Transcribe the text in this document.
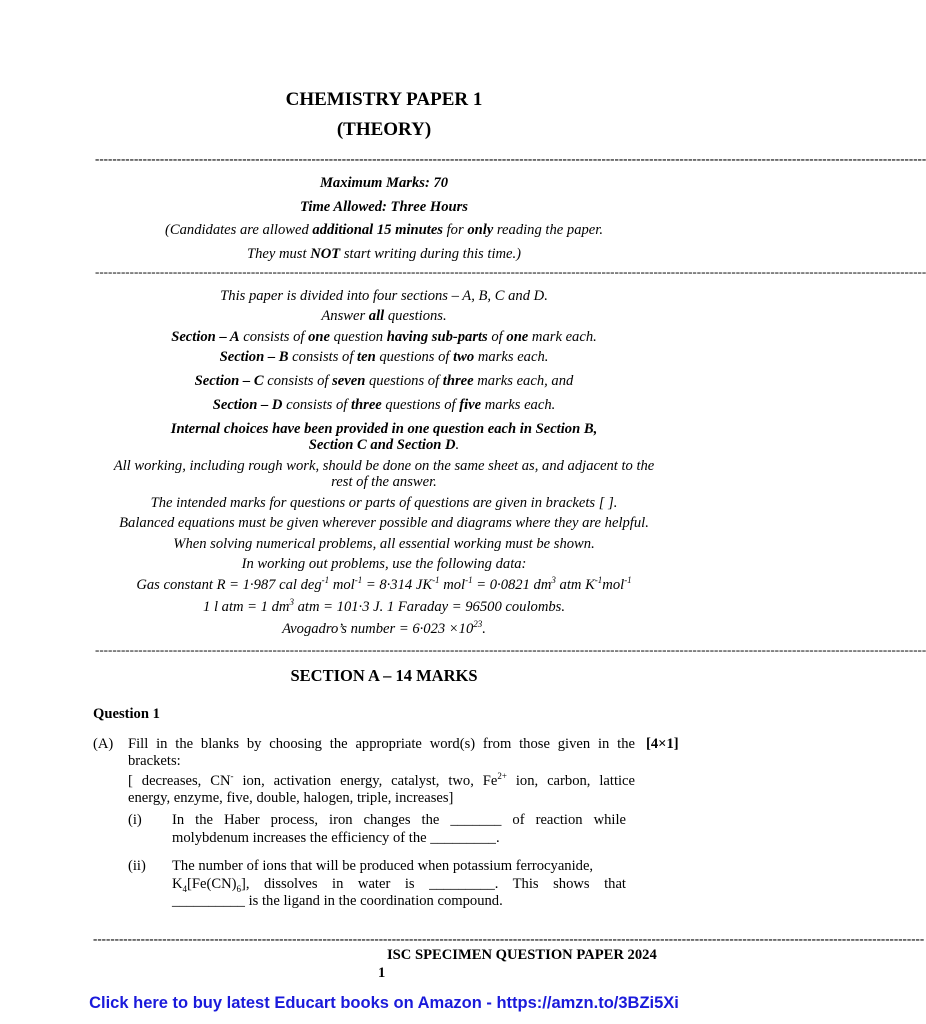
CHEMISTRY PAPER 1
(THEORY)
------------------------------------------------------------------------------------------------------------------------------------------------------------------------------------------------
Maximum Marks: 70
Time Allowed: Three Hours
(Candidates are allowed additional 15 minutes for only reading the paper.
They must NOT start writing during this time.)
------------------------------------------------------------------------------------------------------------------------------------------------------------------------------------------------
This paper is divided into four sections – A, B, C and D.
Answer all questions.
Section – A consists of one question having sub-parts of one mark each.
Section – B consists of ten questions of two marks each.
Section – C consists of seven questions of three marks each, and
Section – D consists of three questions of five marks each.
Internal choices have been provided in one question each in Section B,
Section C and Section D.
All working, including rough work, should be done on the same sheet as, and adjacent to the
rest of the answer.
The intended marks for questions or parts of questions are given in brackets [ ].
Balanced equations must be given wherever possible and diagrams where they are helpful.
When solving numerical problems, all essential working must be shown.
In working out problems, use the following data:
Gas constant R = 1·987 cal deg$^{-1}$ mol$^{-1}$ = 8·314 $JK^{-1}$ mol$^{-1}$ = 0·0821 $dm^3$ atm $K^{-1}mol^{-1}$
1 l atm = 1 $dm^3$ atm = 101·3 J. 1 Faraday = 96500 coulombs.
Avogadro’s number = $6\cdot 023 \times 10^{23}$.
------------------------------------------------------------------------------------------------------------------------------------------------------------------------------------------------
SECTION A – 14 MARKS
Question 1
(A) Fill in the blanks by choosing the appropriate word(s) from those given in the [4×1]
brackets:
[ decreases, CN- ion, activation energy, catalyst, two, $Fe^{2+}$ ion, carbon, lattice
energy, enzyme, five, double, halogen, triple, increases]
(i) In the Haber process, iron changes the _______ of reaction while
molybdenum increases the efficiency of the _________.
(ii) The number of ions that will be produced when potassium ferrocyanide,
$K_4[Fe(CN)_6]$, dissolves in water is _________. This shows that
__________ is the ligand in the coordination compound.
------------------------------------------------------------------------------------------------------------------------------------------------------------------------------------------------
ISC SPECIMEN QUESTION PAPER 2024
1
Click here to buy latest Educart books on Amazon - https://amzn.to/3BZi5Xi
